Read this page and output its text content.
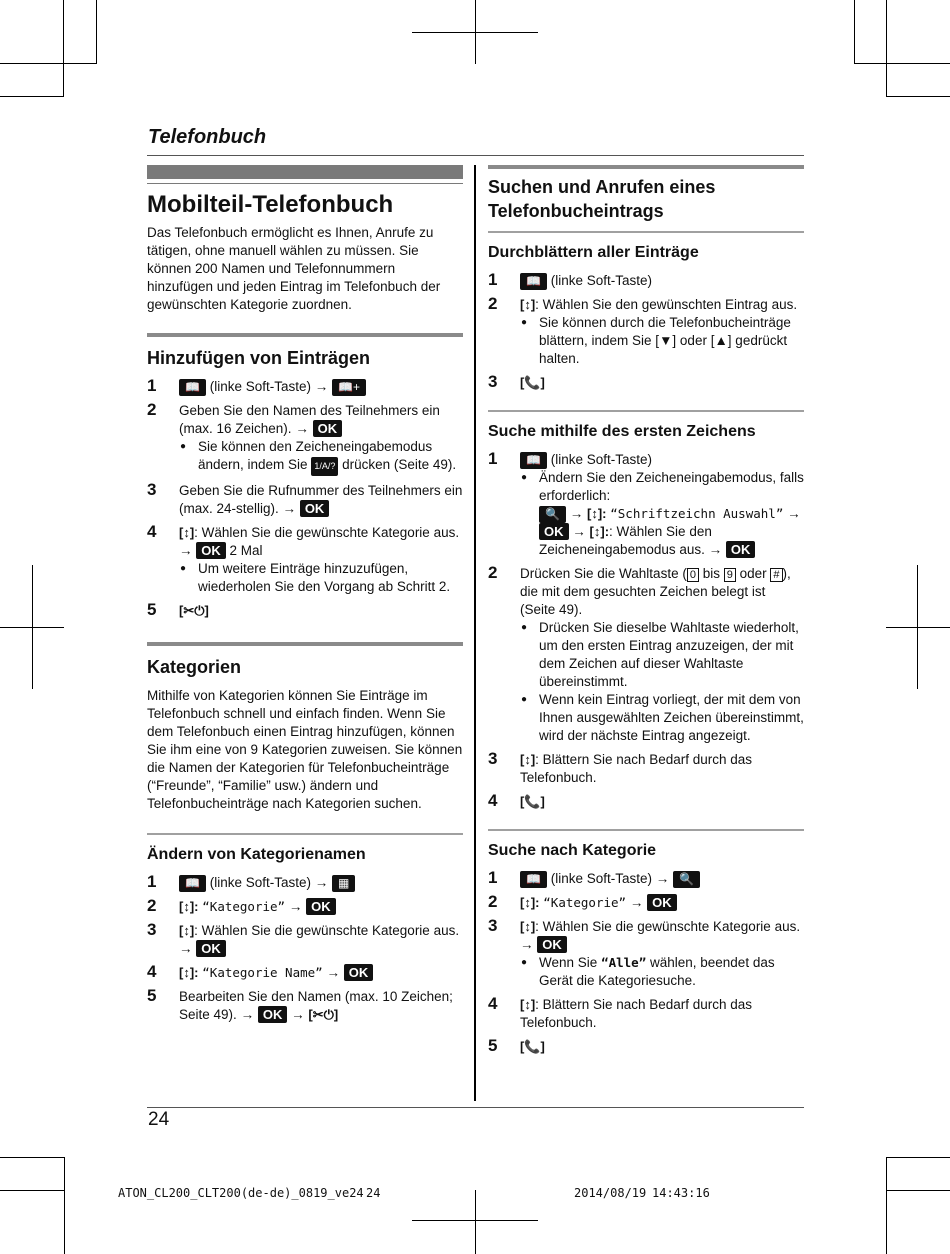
Telefonbuch
Mobilteil-Telefonbuch

Das Telefonbuch ermöglicht es Ihnen, Anrufe zu tätigen, ohne manuell wählen zu müssen. Sie können 200 Namen und Telefonnummern hinzufügen und jeden Eintrag im Telefonbuch der gewünschten Kategorie zuordnen.

Hinzufügen von Einträgen
1 📖 (linke Soft-Taste) → 📖+
2 Geben Sie den Namen des Teilnehmers ein (max. 16 Zeichen). → OK
● Sie können den Zeicheneingabemodus ändern, indem Sie 1/A/? drücken (Seite 49).
3 Geben Sie die Rufnummer des Teilnehmers ein (max. 24-stellig). → OK
4 [↕]: Wählen Sie die gewünschte Kategorie aus. → OK 2 Mal
● Um weitere Einträge hinzuzufügen, wiederholen Sie den Vorgang ab Schritt 2.
5 [✂⏻]
Kategorien

Mithilfe von Kategorien können Sie Einträge im Telefonbuch schnell und einfach finden. Wenn Sie dem Telefonbuch einen Eintrag hinzufügen, können Sie ihm eine von 9 Kategorien zuweisen. Sie können die Namen der Kategorien für Telefonbucheinträge (“Freunde”, “Familie” usw.) ändern und Telefonbucheinträge nach Kategorien suchen.

Ändern von Kategorienamen
1 📖 (linke Soft-Taste) → ▦
2 [↕]: “Kategorie” → OK
3 [↕]: Wählen Sie die gewünschte Kategorie aus. → OK
4 [↕]: “Kategorie Name” → OK
5 Bearbeiten Sie den Namen (max. 10 Zeichen; Seite 49). → OK → [✂⏻]
Suchen und Anrufen eines Telefonbucheintrags
Durchblättern aller Einträge
1 📖 (linke Soft-Taste)
2 [↕]: Wählen Sie den gewünschten Eintrag aus.
● Sie können durch die Telefonbucheinträge blättern, indem Sie [▼] oder [▲] gedrückt halten.
3 [📞]
Suche mithilfe des ersten Zeichens
1 📖 (linke Soft-Taste)
● Ändern Sie den Zeicheneingabemodus, falls erforderlich:
🔍 → [↕]: “Schriftzeichn Auswahl” → OK → [↕]:: Wählen Sie den Zeicheneingabemodus aus. → OK
2 Drücken Sie die Wahltaste ( 0 bis 9 oder # ), die mit dem gesuchten Zeichen belegt ist (Seite 49).
● Drücken Sie dieselbe Wahltaste wiederholt, um den ersten Eintrag anzuzeigen, der mit dem Zeichen auf dieser Wahltaste übereinstimmt.
● Wenn kein Eintrag vorliegt, der mit dem von Ihnen ausgewählten Zeichen übereinstimmt, wird der nächste Eintrag angezeigt.
3 [↕]: Blättern Sie nach Bedarf durch das Telefonbuch.
4 [📞]
Suche nach Kategorie
1 📖 (linke Soft-Taste) → 🔍
2 [↕]: “Kategorie” → OK
3 [↕]: Wählen Sie die gewünschte Kategorie aus. → OK
● Wenn Sie “Alle” wählen, beendet das Gerät die Kategoriesuche.
4 [↕]: Blättern Sie nach Bedarf durch das Telefonbuch.
5 [📞]
24
ATON_CL200_CLT200(de-de)_0819_ve24 24	2014/08/19 14:43:16
